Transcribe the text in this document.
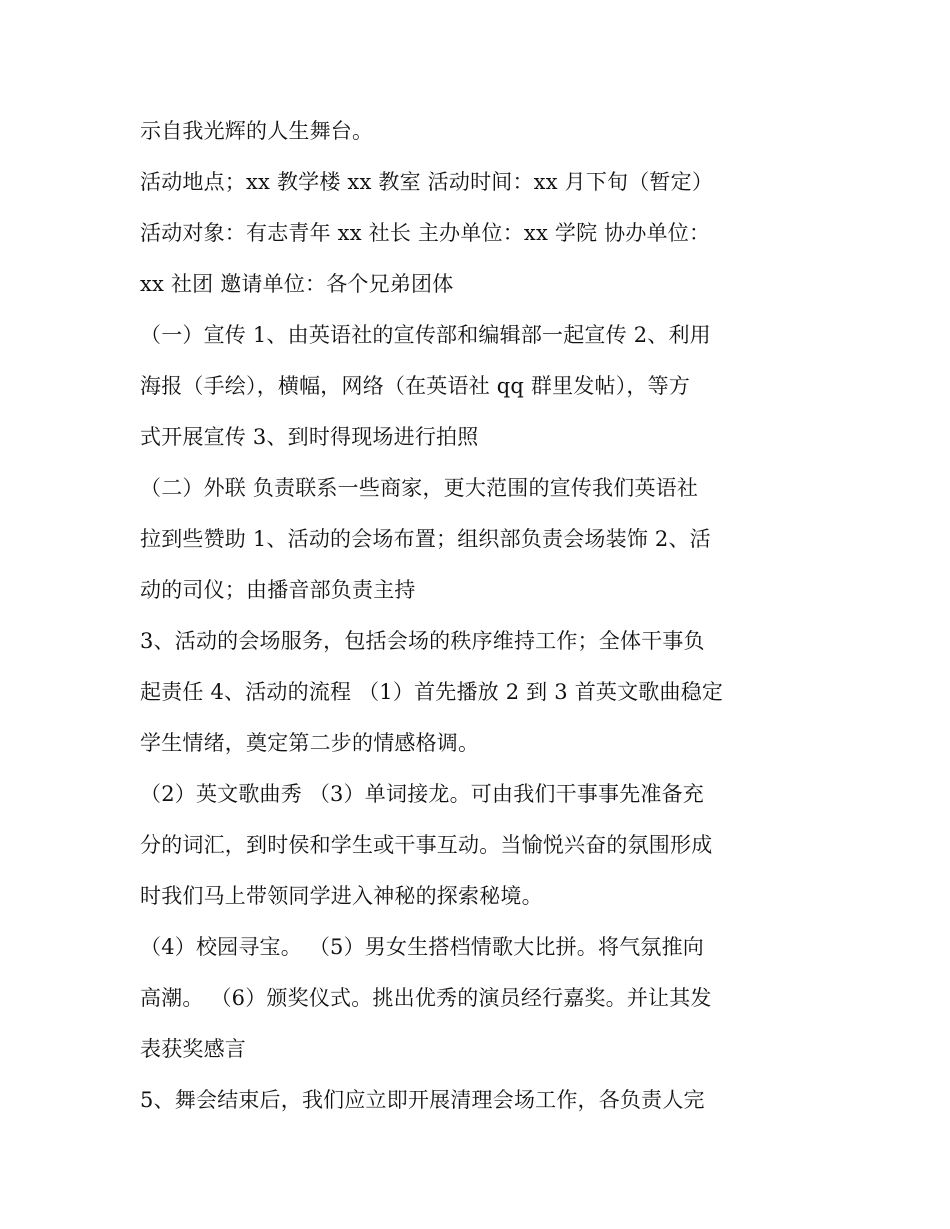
示自我光辉的人生舞台。
活动地点；xx 教学楼 xx 教室 活动时间：xx 月下旬（暂定）
活动对象：有志青年 xx 社长 主办单位：xx 学院 协办单位：
xx 社团 邀请单位：各个兄弟团体
（一）宣传 1、由英语社的宣传部和编辑部一起宣传 2、利用
海报（手绘），横幅，网络（在英语社 qq 群里发帖），等方
式开展宣传 3、到时得现场进行拍照
（二）外联 负责联系一些商家，更大范围的宣传我们英语社
拉到些赞助 1、活动的会场布置；组织部负责会场装饰 2、活
动的司仪；由播音部负责主持
3、活动的会场服务，包括会场的秩序维持工作；全体干事负
起责任 4、活动的流程 （1）首先播放 2 到 3 首英文歌曲稳定
学生情绪，奠定第二步的情感格调。
（2）英文歌曲秀 （3）单词接龙。可由我们干事事先准备充
分的词汇，到时侯和学生或干事互动。当愉悦兴奋的氛围形成
时我们马上带领同学进入神秘的探索秘境。
（4）校园寻宝。 （5）男女生搭档情歌大比拼。将气氛推向
高潮。 （6）颁奖仪式。挑出优秀的演员经行嘉奖。并让其发
表获奖感言
5、舞会结束后，我们应立即开展清理会场工作，各负责人完
